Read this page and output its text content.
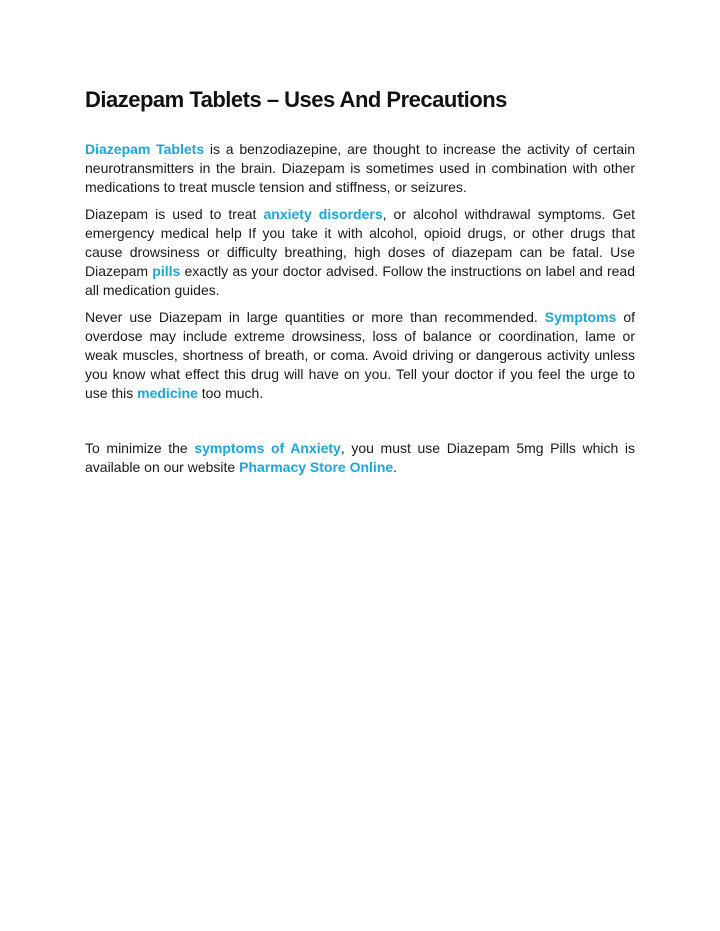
Diazepam Tablets – Uses And Precautions

Diazepam Tablets is a benzodiazepine, are thought to increase the activity of certain neurotransmitters in the brain. Diazepam is sometimes used in combination with other medications to treat muscle tension and stiffness, or seizures.

Diazepam is used to treat anxiety disorders, or alcohol withdrawal symptoms. Get emergency medical help If you take it with alcohol, opioid drugs, or other drugs that cause drowsiness or difficulty breathing, high doses of diazepam can be fatal. Use Diazepam pills exactly as your doctor advised. Follow the instructions on label and read all medication guides.

Never use Diazepam in large quantities or more than recommended. Symptoms of overdose may include extreme drowsiness, loss of balance or coordination, lame or weak muscles, shortness of breath, or coma. Avoid driving or dangerous activity unless you know what effect this drug will have on you. Tell your doctor if you feel the urge to use this medicine too much.

To minimize the symptoms of Anxiety, you must use Diazepam 5mg Pills which is available on our website Pharmacy Store Online.
